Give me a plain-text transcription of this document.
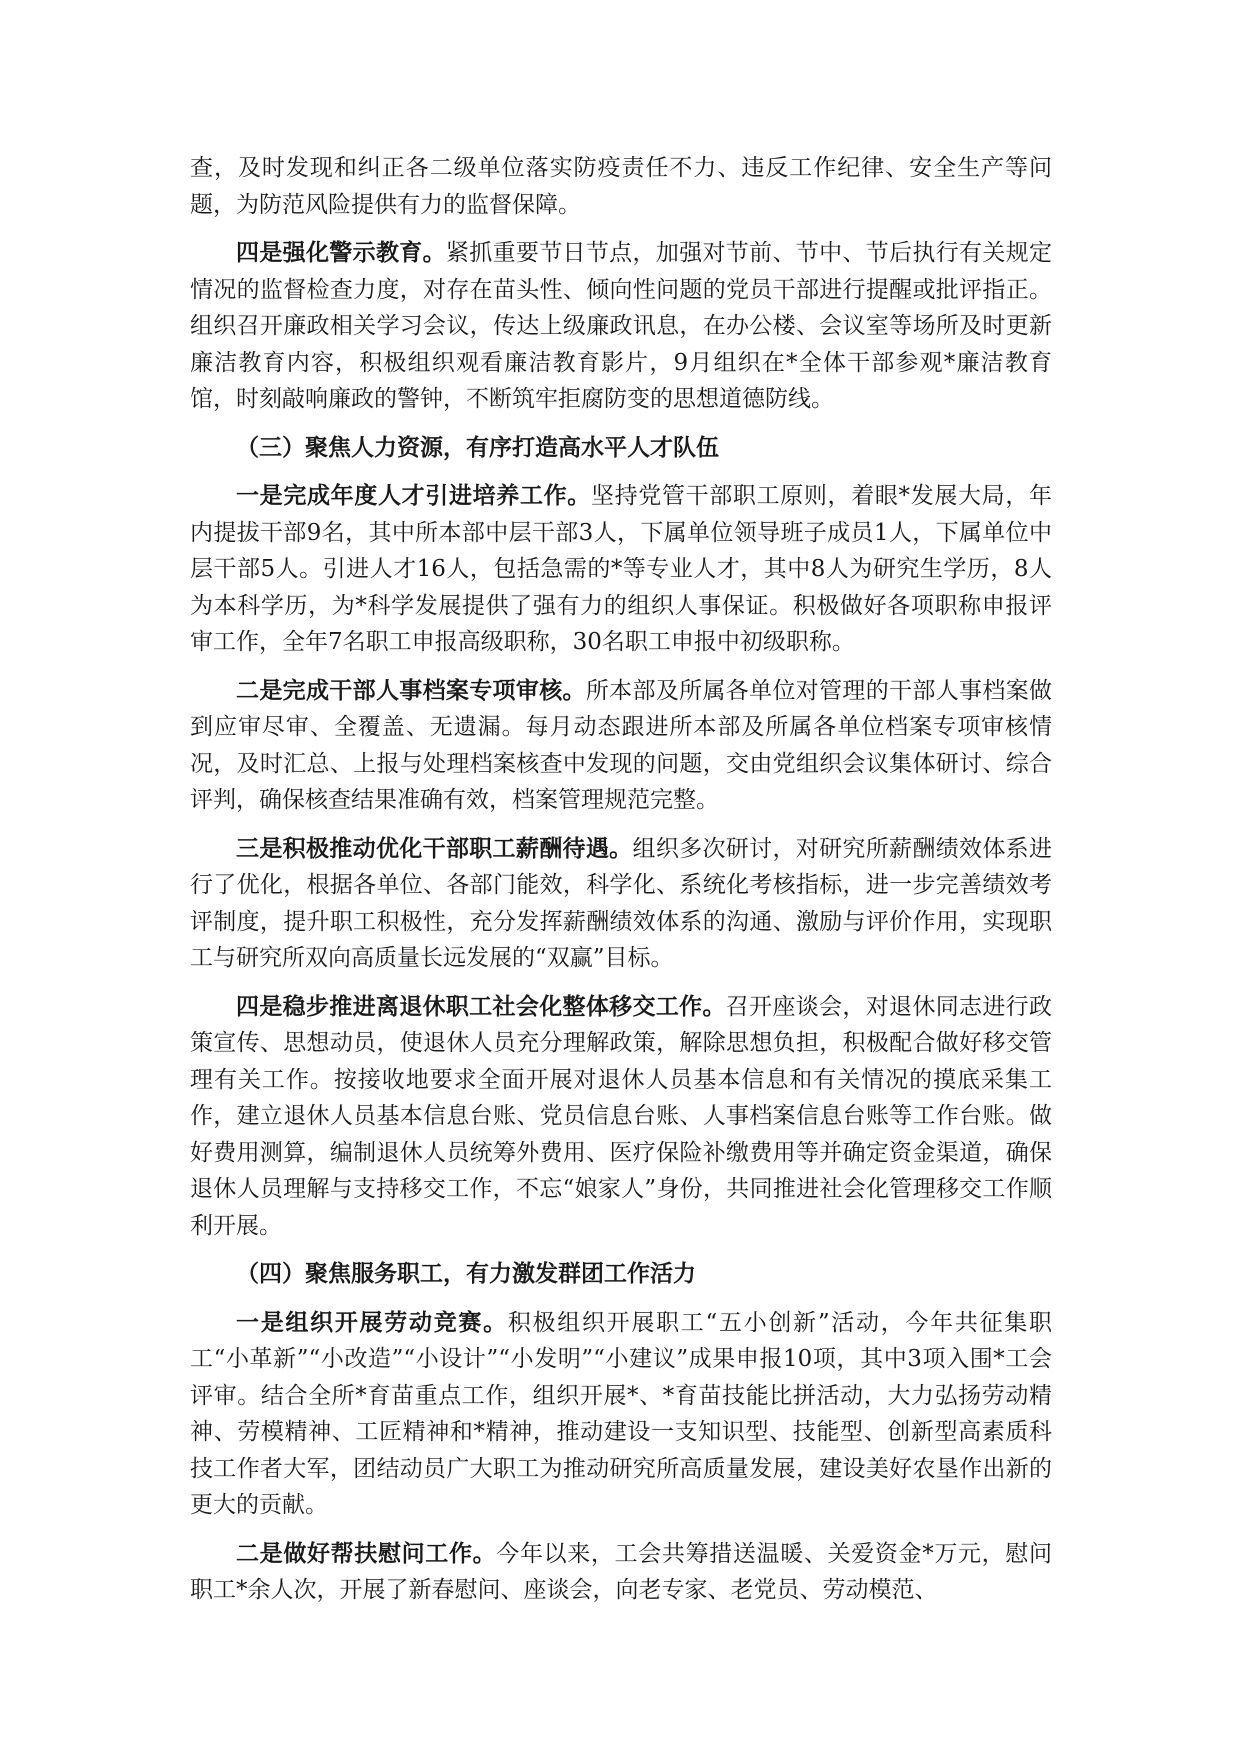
查，及时发现和纠正各二级单位落实防疫责任不力、违反工作纪律、安全生产等问题，为防范风险提供有力的监督保障。

四是强化警示教育。紧抓重要节日节点，加强对节前、节中、节后执行有关规定情况的监督检查力度，对存在苗头性、倾向性问题的党员干部进行提醒或批评指正。组织召开廉政相关学习会议，传达上级廉政讯息，在办公楼、会议室等场所及时更新廉洁教育内容，积极组织观看廉洁教育影片，9月组织在*全体干部参观*廉洁教育馆，时刻敲响廉政的警钟，不断筑牢拒腐防变的思想道德防线。

（三）聚焦人力资源，有序打造高水平人才队伍

一是完成年度人才引进培养工作。坚持党管干部职工原则，着眼*发展大局，年内提拔干部9名，其中所本部中层干部3人，下属单位领导班子成员1人，下属单位中层干部5人。引进人才16人，包括急需的*等专业人才，其中8人为研究生学历，8人为本科学历，为*科学发展提供了强有力的组织人事保证。积极做好各项职称申报评审工作，全年7名职工申报高级职称，30名职工申报中初级职称。

二是完成干部人事档案专项审核。所本部及所属各单位对管理的干部人事档案做到应审尽审、全覆盖、无遗漏。每月动态跟进所本部及所属各单位档案专项审核情况，及时汇总、上报与处理档案核查中发现的问题，交由党组织会议集体研讨、综合评判，确保核查结果准确有效，档案管理规范完整。

三是积极推动优化干部职工薪酬待遇。组织多次研讨，对研究所薪酬绩效体系进行了优化，根据各单位、各部门能效，科学化、系统化考核指标，进一步完善绩效考评制度，提升职工积极性，充分发挥薪酬绩效体系的沟通、激励与评价作用，实现职工与研究所双向高质量长远发展的“双赢”目标。

四是稳步推进离退休职工社会化整体移交工作。召开座谈会，对退休同志进行政策宣传、思想动员，使退休人员充分理解政策，解除思想负担，积极配合做好移交管理有关工作。按接收地要求全面开展对退休人员基本信息和有关情况的摸底采集工作，建立退休人员基本信息台账、党员信息台账、人事档案信息台账等工作台账。做好费用测算，编制退休人员统筹外费用、医疗保险补缴费用等并确定资金渠道，确保退休人员理解与支持移交工作，不忘“娘家人”身份，共同推进社会化管理移交工作顺利开展。

（四）聚焦服务职工，有力激发群团工作活力

一是组织开展劳动竞赛。积极组织开展职工“五小创新”活动，今年共征集职工“小革新”“小改造”“小设计”“小发明”“小建议”成果申报10项，其中3项入围*工会评审。结合全所*育苗重点工作，组织开展*、*育苗技能比拼活动，大力弘扬劳动精神、劳模精神、工匠精神和*精神，推动建设一支知识型、技能型、创新型高素质科技工作者大军，团结动员广大职工为推动研究所高质量发展，建设美好农垦作出新的更大的贡献。

二是做好帮扶慰问工作。今年以来，工会共筹措送温暖、关爱资金*万元，慰问职工*余人次，开展了新春慰问、座谈会，向老专家、老党员、劳动模范、
